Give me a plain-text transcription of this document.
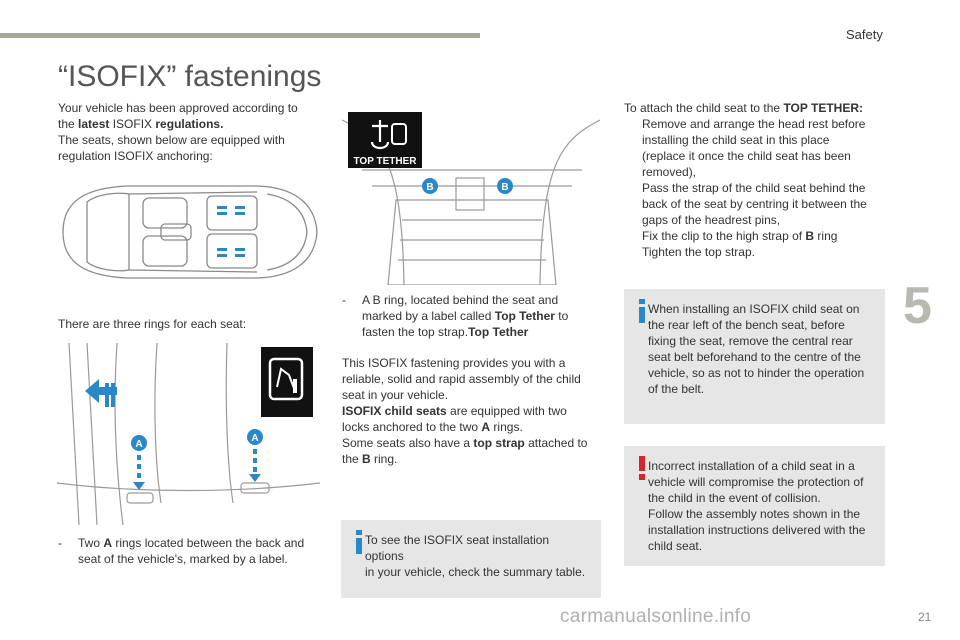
Safety
5
“ISOFIX” fastenings

Your vehicle has been approved according to

the latest ISOFIX regulations.

The seats, shown below are equipped with

regulation ISOFIX anchoring:

There are three rings for each seat:
A
A
-	Two A rings located between the back and
seat of the vehicle's, marked by a label.
TOP TETHER
B	B
-	A B ring, located behind the seat and
marked by a label called Top Tether to
fasten the top strap.Top Tether

This ISOFIX fastening provides you with a

reliable, solid and rapid assembly of the child

seat in your vehicle.

ISOFIX child seats are equipped with two

locks anchored to the two A rings.

Some seats also have a top strap attached to

the B ring.

To see the ISOFIX seat installation options

in your vehicle, check the summary table.

To attach the child seat to the TOP TETHER:

Remove and arrange the head rest before
installing the child seat in this place
(replace it once the child seat has been
removed),
Pass the strap of the child seat behind the
back of the seat by centring it between the
gaps of the headrest pins,
Fix the clip to the high strap of B ring
Tighten the top strap.

When installing an ISOFIX child seat on

the rear left of the bench seat, before

fixing the seat, remove the central rear

seat belt beforehand to the centre of the

vehicle, so as not to hinder the operation

of the belt.

Incorrect installation of a child seat in a

vehicle will compromise the protection of

the child in the event of collision.

Follow the assembly notes shown in the

installation instructions delivered with the

child seat.

21
carmanualsonline.info
